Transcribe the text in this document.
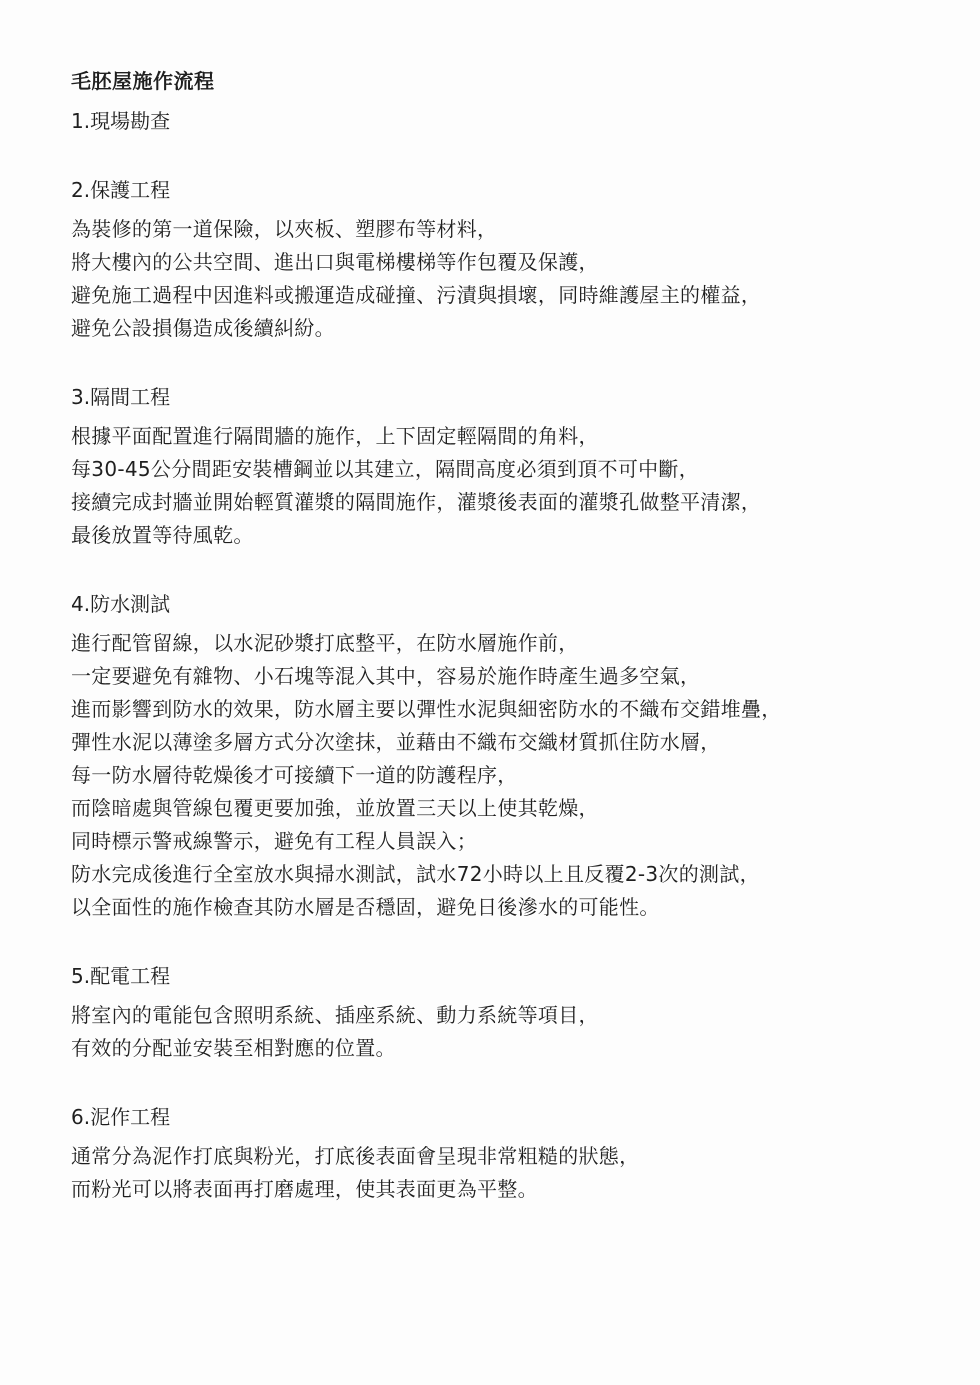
毛胚屋施作流程
1.現場勘查
2.保護工程
為裝修的第一道保險，以夾板、塑膠布等材料，
將大樓內的公共空間、進出口與電梯樓梯等作包覆及保護，
避免施工過程中因進料或搬運造成碰撞、污漬與損壞，同時維護屋主的權益，
避免公設損傷造成後續糾紛。
3.隔間工程
根據平面配置進行隔間牆的施作，上下固定輕隔間的角料，
每30-45公分間距安裝槽鋼並以其建立，隔間高度必須到頂不可中斷，
接續完成封牆並開始輕質灌漿的隔間施作，灌漿後表面的灌漿孔做整平清潔，
最後放置等待風乾。
4.防水測試
進行配管留線，以水泥砂漿打底整平，在防水層施作前，
一定要避免有雜物、小石塊等混入其中，容易於施作時產生過多空氣，
進而影響到防水的效果，防水層主要以彈性水泥與細密防水的不織布交錯堆疊，
彈性水泥以薄塗多層方式分次塗抹，並藉由不織布交織材質抓住防水層，
每一防水層待乾燥後才可接續下一道的防護程序，
而陰暗處與管線包覆更要加強，並放置三天以上使其乾燥，
同時標示警戒線警示，避免有工程人員誤入；
防水完成後進行全室放水與掃水測試，試水72小時以上且反覆2-3次的測試，
以全面性的施作檢查其防水層是否穩固，避免日後滲水的可能性。
5.配電工程
將室內的電能包含照明系統、插座系統、動力系統等項目，
有效的分配並安裝至相對應的位置。
6.泥作工程
通常分為泥作打底與粉光，打底後表面會呈現非常粗糙的狀態，
而粉光可以將表面再打磨處理，使其表面更為平整。
